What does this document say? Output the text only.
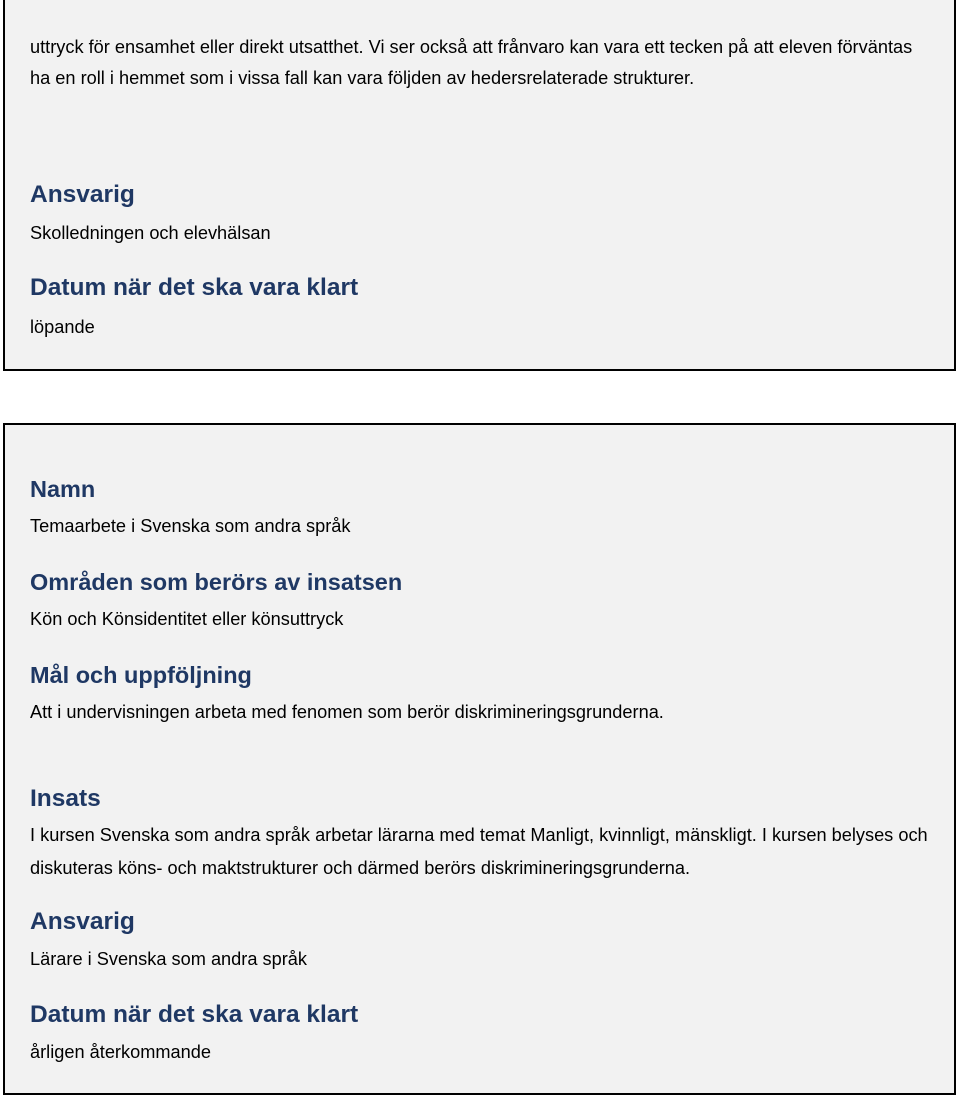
uttryck för ensamhet eller direkt utsatthet. Vi ser också att frånvaro kan vara ett tecken på att eleven förväntas ha en roll i hemmet som i vissa fall kan vara följden av hedersrelaterade strukturer.

Ansvarig

Skolledningen och elevhälsan

Datum när det ska vara klart

löpande

Namn

Temaarbete i Svenska som andra språk

Områden som berörs av insatsen

Kön och Könsidentitet eller könsuttryck

Mål och uppföljning

Att i undervisningen arbeta med fenomen som berör diskrimineringsgrunderna.

Insats

I kursen Svenska som andra språk arbetar lärarna med temat Manligt, kvinnligt, mänskligt. I kursen belyses och diskuteras köns- och maktstrukturer och därmed berörs diskrimineringsgrunderna.

Ansvarig

Lärare i Svenska som andra språk

Datum när det ska vara klart

årligen återkommande
